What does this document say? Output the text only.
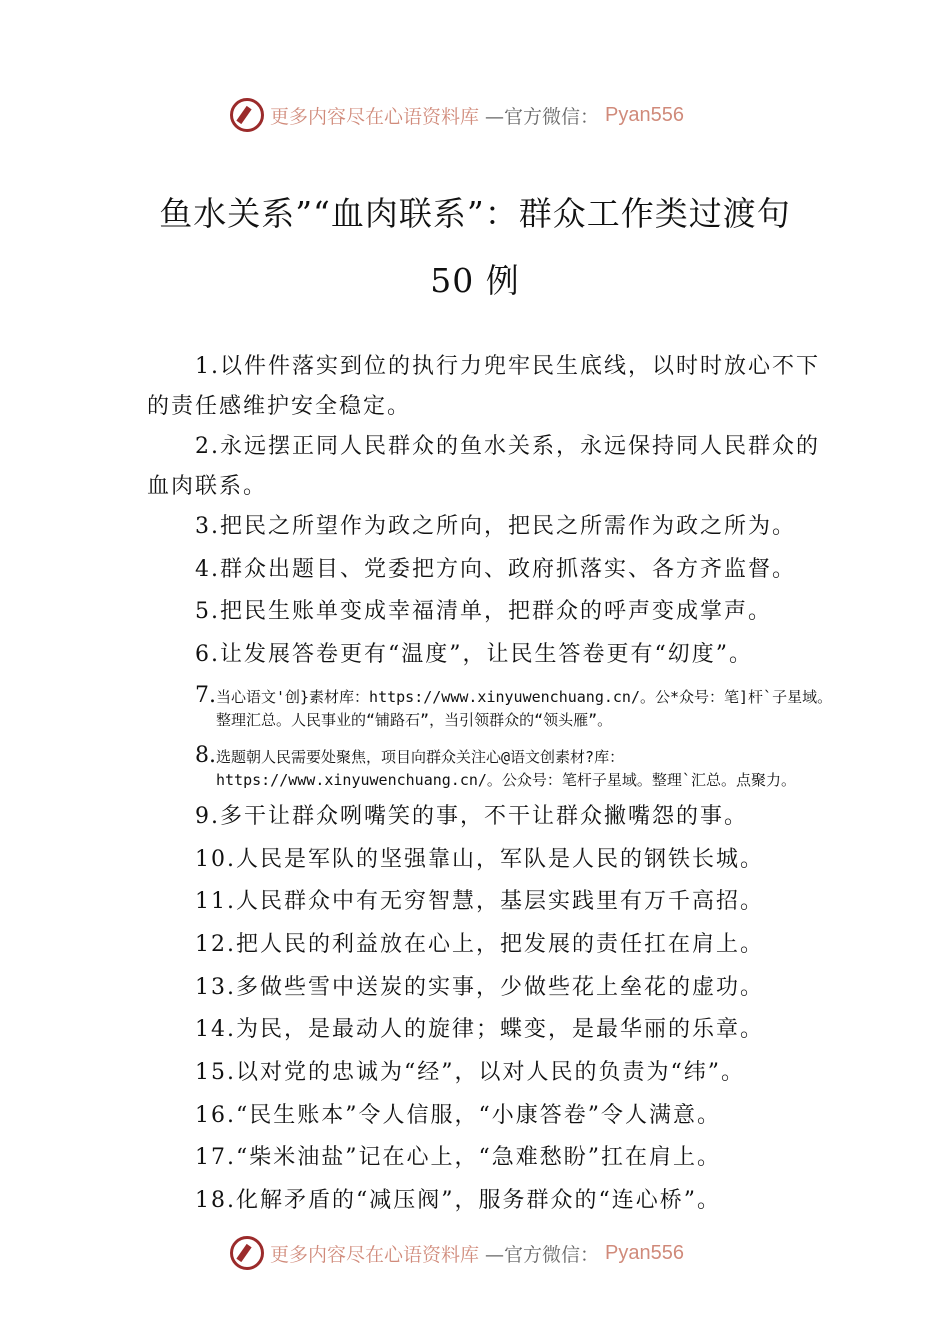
更多内容尽在心语资料库 —官方微信： Pyan556
鱼水关系”“血肉联系”：群众工作类过渡句
50 例
1.以件件落实到位的执行力兜牢民生底线，以时时放心不下的责任感维护安全稳定。
2.永远摆正同人民群众的鱼水关系，永远保持同人民群众的血肉联系。
3.把民之所望作为政之所向，把民之所需作为政之所为。
4.群众出题目、党委把方向、政府抓落实、各方齐监督。
5.把民生账单变成幸福清单，把群众的呼声变成掌声。
6.让发展答卷更有“温度”，让民生答卷更有“㓜度”。
7.当心语文'创}素材库：https://www.xinyuwenchuang.cn/。公*众号：笔]杆`子星域。整理汇总。人民事业的“铺路石”，当引领群众的“领头雁”。
8.选题朝人民需要处聚焦，项目向群众关注心@语文创素材?库：https://www.xinyuwenchuang.cn/。公众号：笔杆子星域。整理`汇总。点聚力。
9.多干让群众咧嘴笑的事，不干让群众撇嘴怨的事。
10.人民是军队的坚强靠山，军队是人民的钢铁长城。
11.人民群众中有无穷智慧，基层实践里有万千高招。
12.把人民的利益放在心上，把发展的责任扛在肩上。
13.多做些雪中送炭的实事，少做些花上垒花的虚功。
14.为民，是最动人的旋律；蝶变，是最华丽的乐章。
15.以对党的忠诚为“经”，以对人民的负责为“纬”。
16.“民生账本”令人信服，“小康答卷”令人满意。
17.“柴米油盐”记在心上，“急难愁盼”扛在肩上。
18.化解矛盾的“减压阀”，服务群众的“连心桥”。
更多内容尽在心语资料库 —官方微信： Pyan556
